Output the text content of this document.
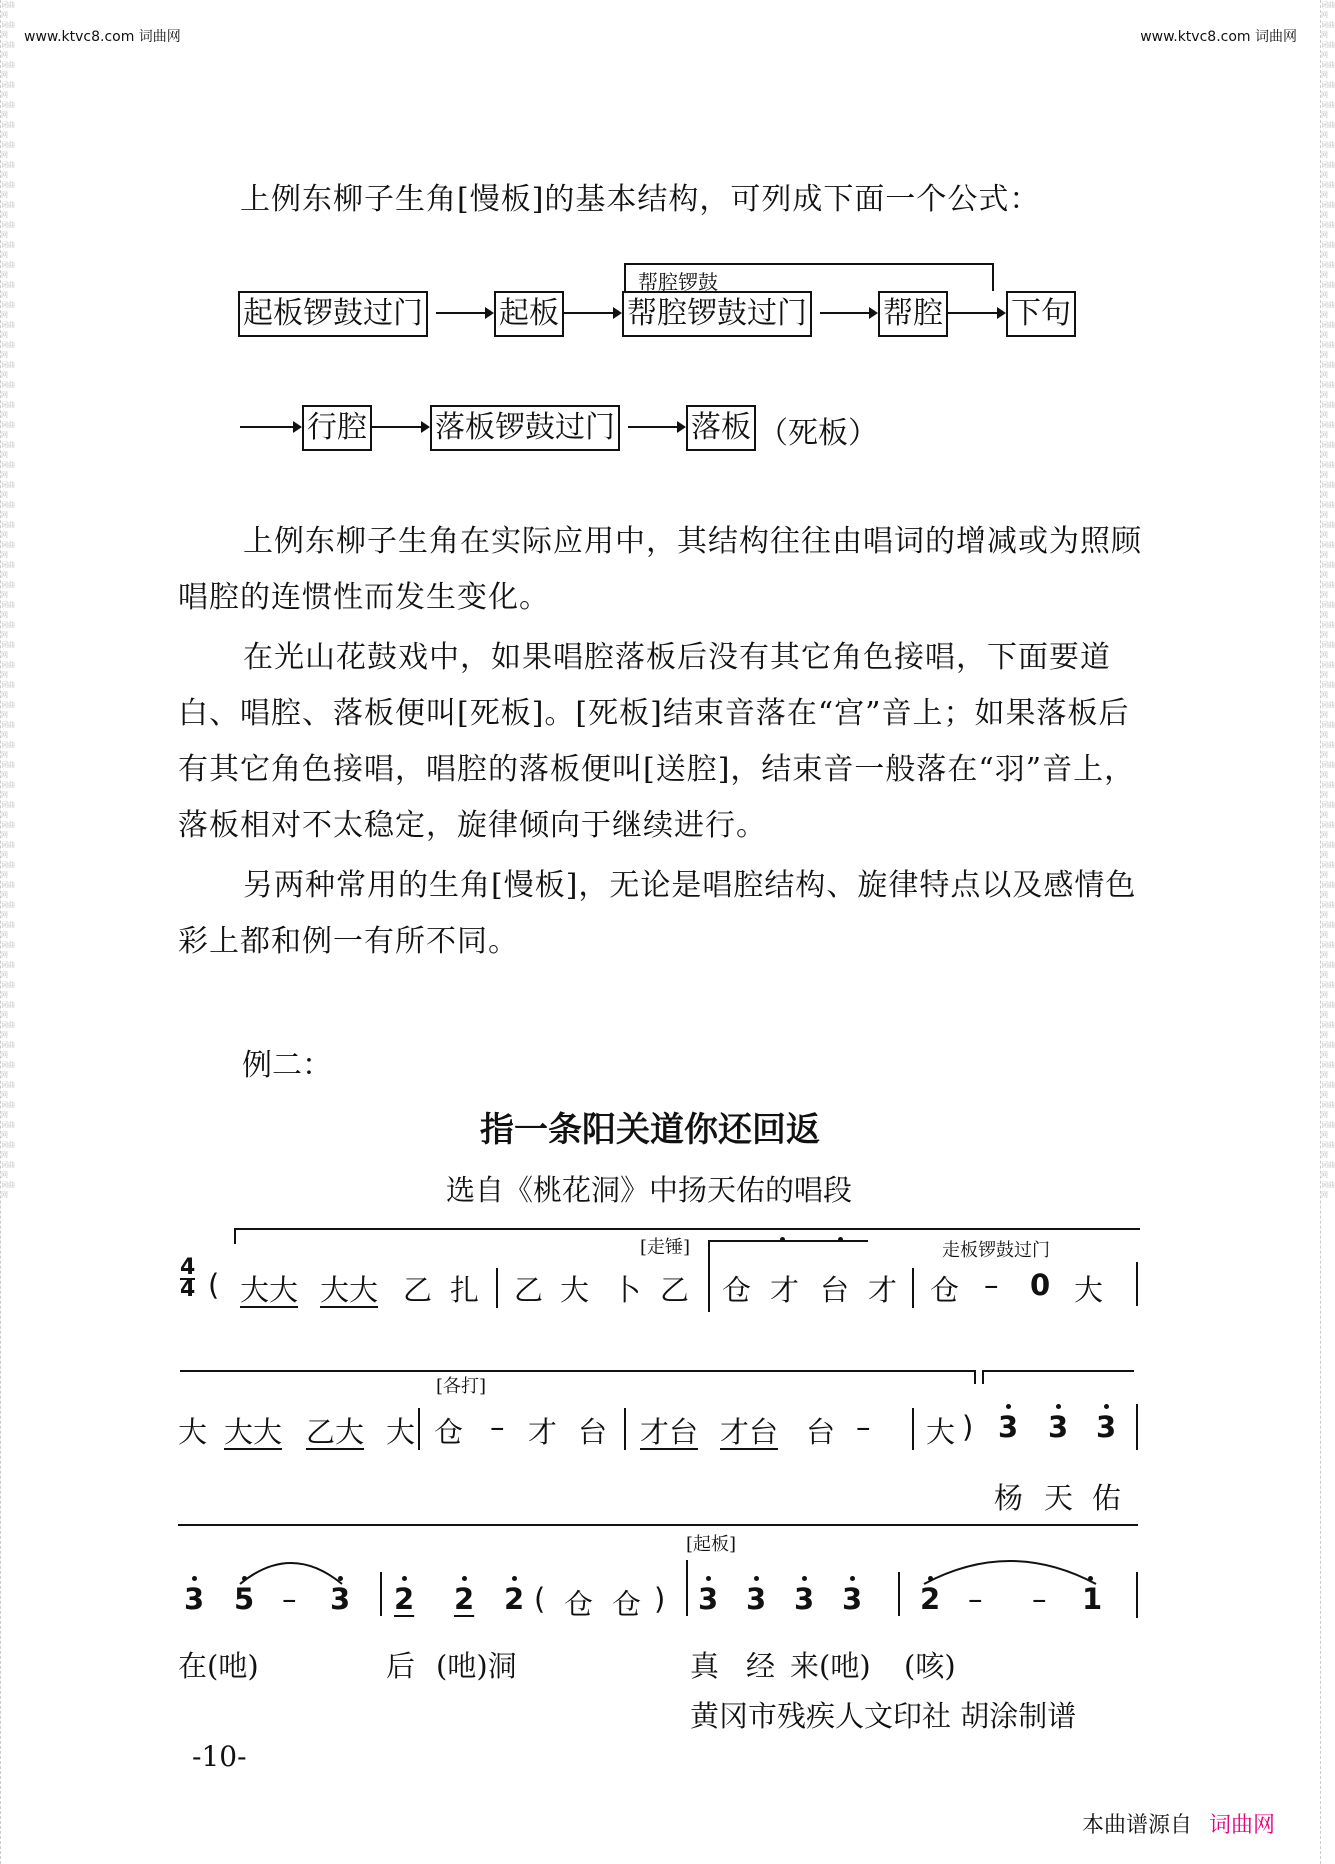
词曲网 词曲网 词曲网 词曲网 词曲网 词曲网 词曲网 词曲网 词曲网 词曲网 词曲网 词曲网 词曲网 词曲网 词曲网 词曲网 词曲网 词曲网 词曲网 词曲网 词曲网 词曲网 词曲网 词曲网 词曲网 词曲网 词曲网 词曲网 词曲网 词曲网 词曲网 词曲网 词曲网 词曲网 词曲网 词曲网 词曲网 词曲网 词曲网 词曲网 词曲网 词曲网 词曲网 词曲网 词曲网 词曲网 词曲网 词曲网 词曲网 词曲网 词曲网 词曲网 词曲网 词曲网 词曲网 词曲网 词曲网 词曲网 词曲网 词曲网
词曲网 词曲网 词曲网 词曲网 词曲网 词曲网 词曲网 词曲网 词曲网 词曲网 词曲网 词曲网 词曲网 词曲网 词曲网 词曲网 词曲网 词曲网 词曲网 词曲网 词曲网 词曲网 词曲网 词曲网 词曲网 词曲网 词曲网 词曲网 词曲网 词曲网 词曲网 词曲网 词曲网 词曲网 词曲网 词曲网 词曲网 词曲网 词曲网 词曲网 词曲网 词曲网 词曲网 词曲网 词曲网 词曲网 词曲网 词曲网 词曲网 词曲网 词曲网 词曲网 词曲网 词曲网 词曲网 词曲网 词曲网 词曲网 词曲网 词曲网
www.ktvc8.com 词曲网	www.ktvc8.com 词曲网
上例东柳子生角[慢板]的基本结构，可列成下面一个公式：
起板锣鼓过门	起板 帮腔锣鼓过门	帮腔 下句
帮腔锣鼓
行腔 落板锣鼓过门	落板 （死板）
上例东柳子生角在实际应用中，其结构往往由唱词的增减或为照顾唱腔的连惯性而发生变化。
在光山花鼓戏中，如果唱腔落板后没有其它角色接唱，下面要道白、唱腔、落板便叫[死板]。[死板]结束音落在“宫”音上；如果落板后有其它角色接唱，唱腔的落板便叫[送腔]，结束音一般落在“羽”音上，落板相对不太稳定，旋律倾向于继续进行。
另两种常用的生角[慢板]，无论是唱腔结构、旋律特点以及感情色彩上都和例一有所不同。
例二：
指一条阳关道你还回返
选自《桃花洞》中扬天佑的唱段
[走锤]	走板锣鼓过门
4
4 ( 大大 大大 乙 扎 乙 大 卜 乙 仓 才 台 才 仓 – 0 大
[各打]
大 大大 乙大 大 仓 – 才 台 才台 才台 台 – 大 ) 3 3 3
杨 天 佑
[起板]
3 5 – 3 2 2 2 ( 仓 仓 ) 3 3 3 3 2 – – 1
在(吔)	后 (吔)洞	真 经 来(吔) (咳)
黄冈市残疾人文印社 胡涂制谱
-10-
本曲谱源自 词曲网
